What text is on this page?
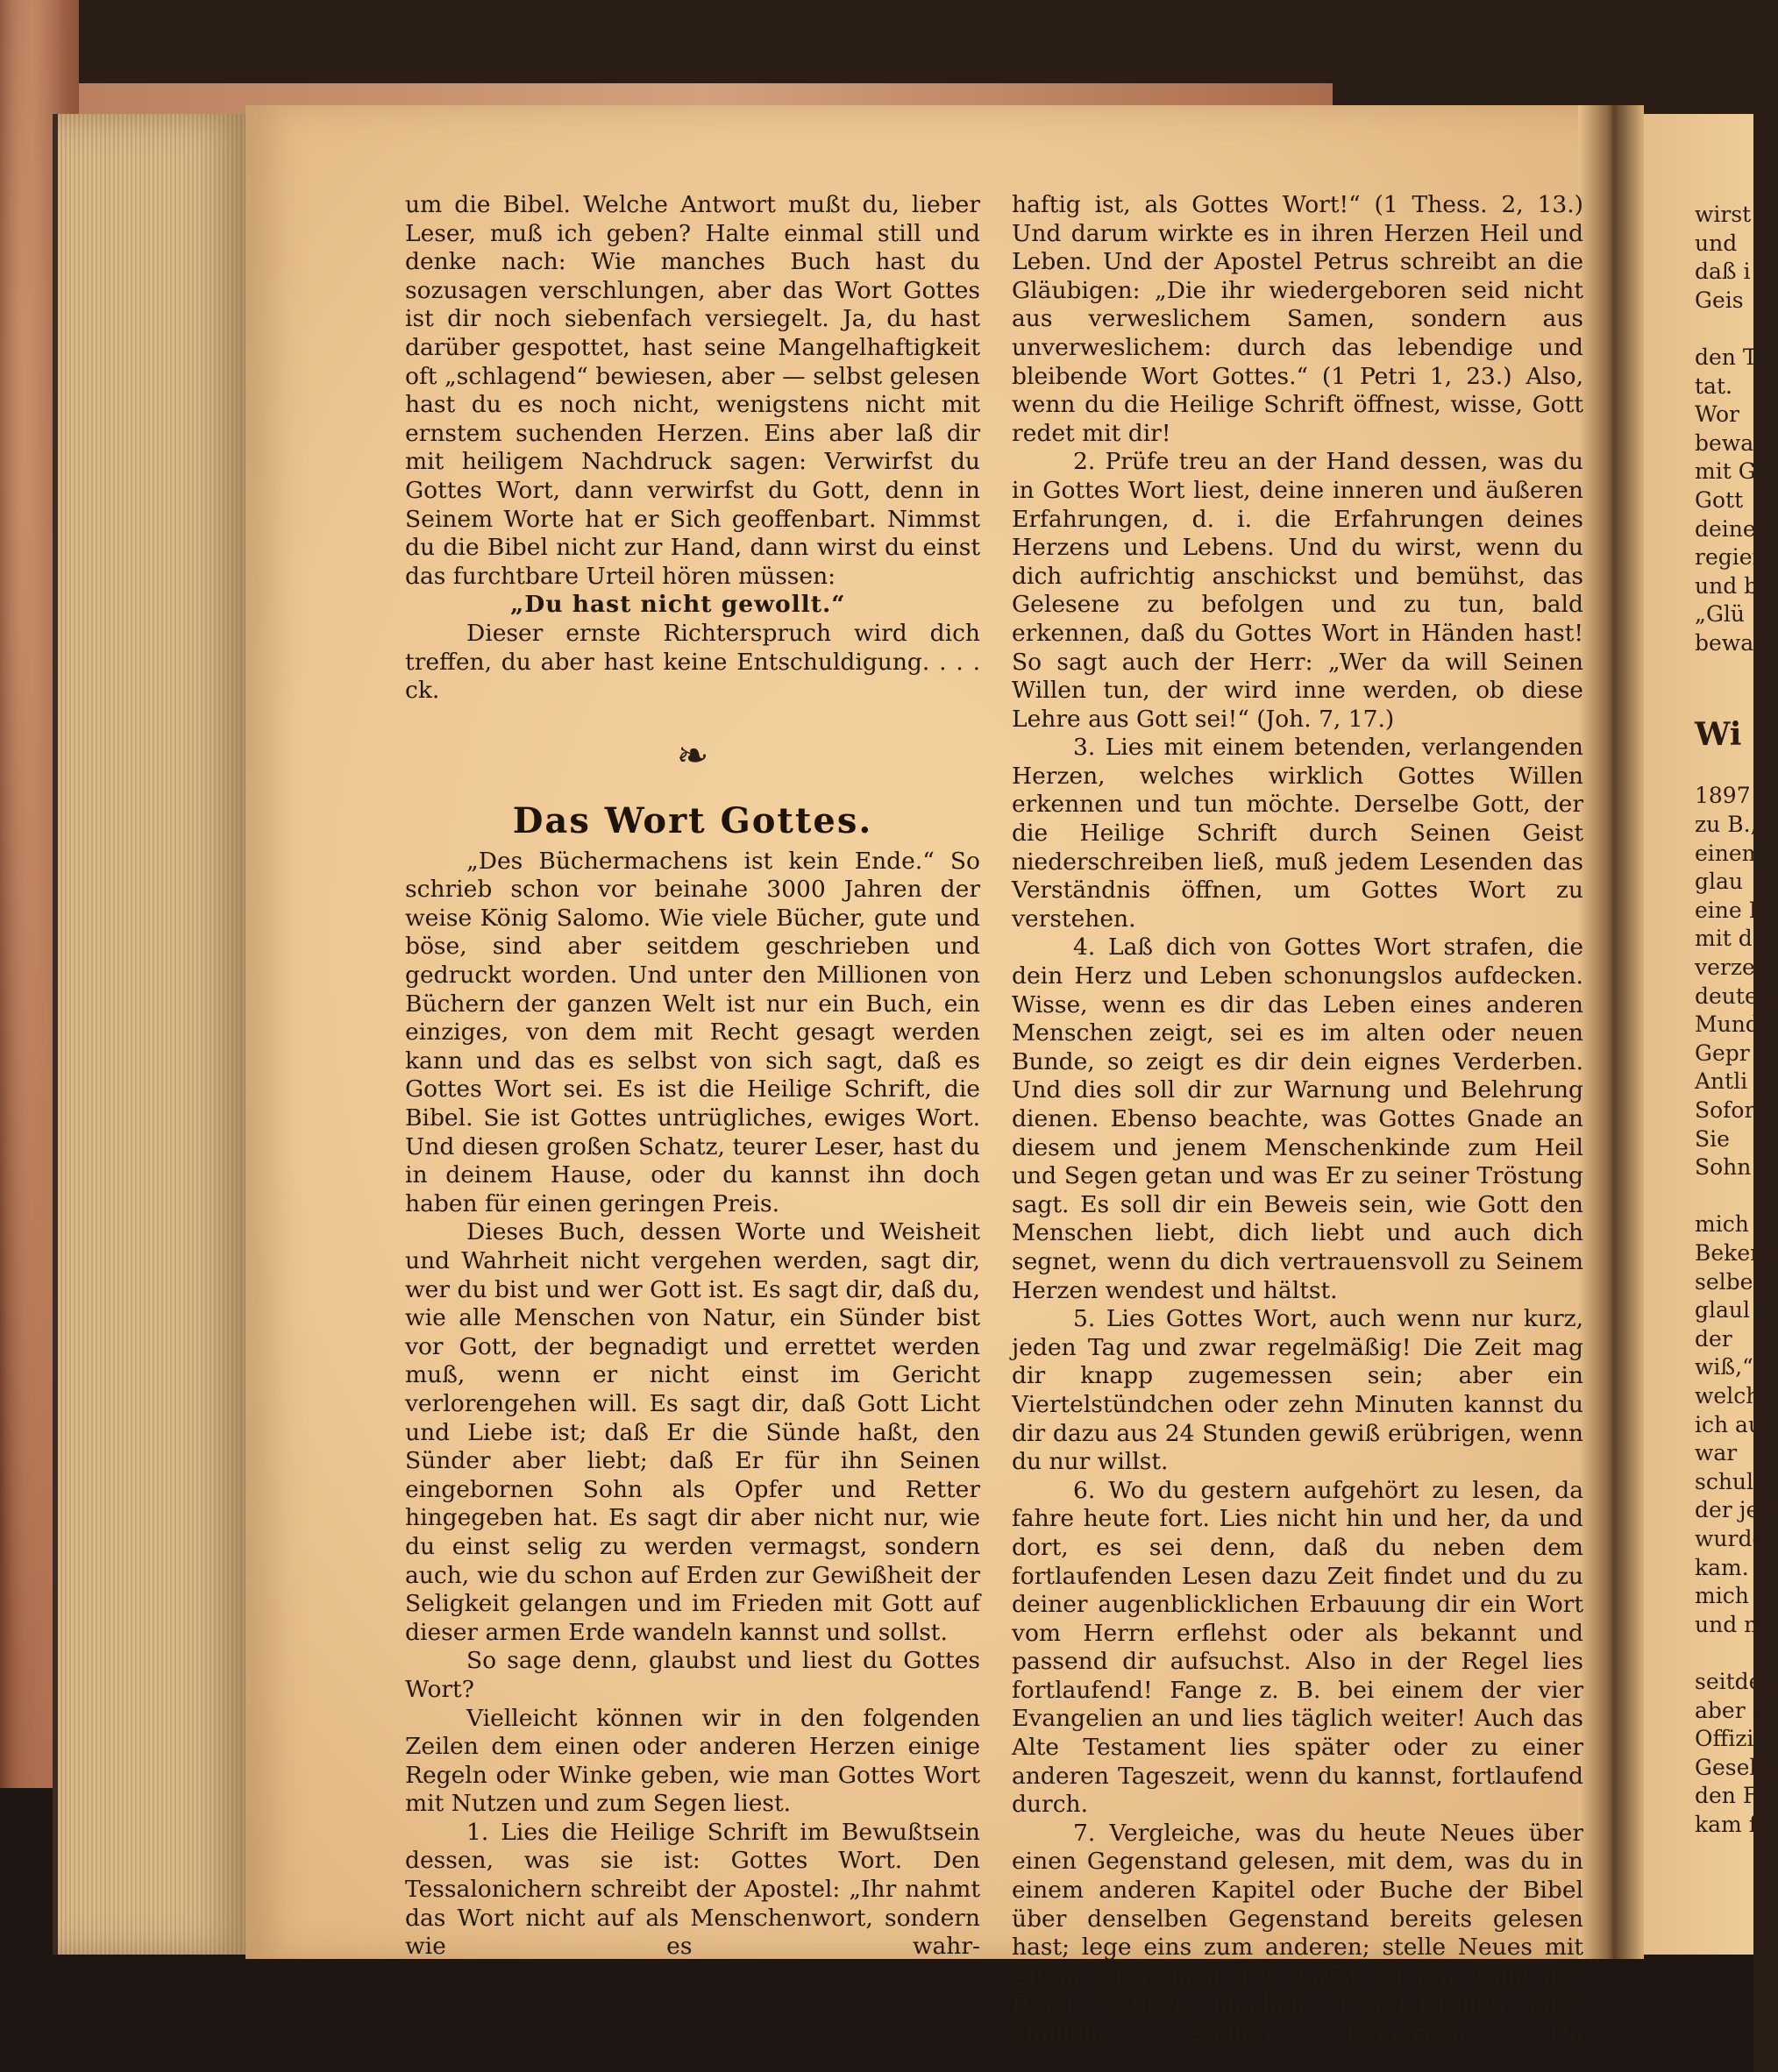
wirst

und

daß i

Geis

den T

tat.

Wor

bewah

mit G

Gott

deinen

regier

und b

„Glü

bewah

Wi

1897

zu B.,

einem

glau

eine E

mit d

verzeh

deuten

Mund

Gepr

Antli

Sofor

Sie

Sohn

mich z

Bekenn

selber

glaul

der

wiß,“

welch

ich au

war

schule

der jed

wurde,

kam.

mich

und m

seitden

aber a

Offizi

Gesells

den Fr

kam fo

um die Bibel. Welche Antwort mußt du, lieber Leser, muß ich geben? Halte einmal still und denke nach: Wie manches Buch hast du sozusagen verschlungen, aber das Wort Gottes ist dir noch siebenfach versiegelt. Ja, du hast darüber gespottet, hast seine Mangelhaftigkeit oft „schlagend“ bewiesen, aber — selbst gelesen hast du es noch nicht, wenigstens nicht mit ernstem suchenden Herzen. Eins aber laß dir mit heiligem Nachdruck sagen: Verwirfst du Gottes Wort, dann verwirfst du Gott, denn in Seinem Worte hat er Sich geoffenbart. Nimmst du die Bibel nicht zur Hand, dann wirst du einst das furchtbare Urteil hören müssen:

„Du hast nicht gewollt.“

Dieser ernste Richterspruch wird dich treffen, du aber hast keine Entschuldigung. . . . ck.

❧
Das Wort Gottes.

„Des Büchermachens ist kein Ende.“ So schrieb schon vor beinahe 3000 Jahren der weise König Salomo. Wie viele Bücher, gute und böse, sind aber seitdem geschrieben und gedruckt worden. Und unter den Millionen von Büchern der ganzen Welt ist nur ein Buch, ein einziges, von dem mit Recht gesagt werden kann und das es selbst von sich sagt, daß es Gottes Wort sei. Es ist die Heilige Schrift, die Bibel. Sie ist Gottes untrügliches, ewiges Wort. Und diesen großen Schatz, teurer Leser, hast du in deinem Hause, oder du kannst ihn doch haben für einen geringen Preis.

Dieses Buch, dessen Worte und Weisheit und Wahrheit nicht vergehen werden, sagt dir, wer du bist und wer Gott ist. Es sagt dir, daß du, wie alle Menschen von Natur, ein Sünder bist vor Gott, der begnadigt und errettet werden muß, wenn er nicht einst im Gericht verlorengehen will. Es sagt dir, daß Gott Licht und Liebe ist; daß Er die Sünde haßt, den Sünder aber liebt; daß Er für ihn Seinen eingebornen Sohn als Opfer und Retter hingegeben hat. Es sagt dir aber nicht nur, wie du einst selig zu werden vermagst, sondern auch, wie du schon auf Erden zur Gewißheit der Seligkeit gelangen und im Frieden mit Gott auf dieser armen Erde wandeln kannst und sollst.

So sage denn, glaubst und liest du Gottes Wort?

Vielleicht können wir in den folgenden Zeilen dem einen oder anderen Herzen einige Regeln oder Winke geben, wie man Gottes Wort mit Nutzen und zum Segen liest.

1. Lies die Heilige Schrift im Bewußtsein dessen, was sie ist: Gottes Wort. Den Tessalonichern schreibt der Apostel: „Ihr nahmt das Wort nicht auf als Menschenwort, sondern wie es wahr-

haftig ist, als Gottes Wort!“ (1 Thess. 2, 13.) Und darum wirkte es in ihren Herzen Heil und Leben. Und der Apostel Petrus schreibt an die Gläubigen: „Die ihr wiedergeboren seid nicht aus verweslichem Samen, sondern aus unverweslichem: durch das lebendige und bleibende Wort Gottes.“ (1 Petri 1, 23.) Also, wenn du die Heilige Schrift öffnest, wisse, Gott redet mit dir!

2. Prüfe treu an der Hand dessen, was du in Gottes Wort liest, deine inneren und äußeren Erfahrungen, d. i. die Erfahrungen deines Herzens und Lebens. Und du wirst, wenn du dich aufrichtig anschickst und bemühst, das Gelesene zu befolgen und zu tun, bald erkennen, daß du Gottes Wort in Händen hast! So sagt auch der Herr: „Wer da will Seinen Willen tun, der wird inne werden, ob diese Lehre aus Gott sei!“ (Joh. 7, 17.)

3. Lies mit einem betenden, verlangenden Herzen, welches wirklich Gottes Willen erkennen und tun möchte. Derselbe Gott, der die Heilige Schrift durch Seinen Geist niederschreiben ließ, muß jedem Lesenden das Verständnis öffnen, um Gottes Wort zu verstehen.

4. Laß dich von Gottes Wort strafen, die dein Herz und Leben schonungslos aufdecken. Wisse, wenn es dir das Leben eines anderen Menschen zeigt, sei es im alten oder neuen Bunde, so zeigt es dir dein eignes Verderben. Und dies soll dir zur Warnung und Belehrung dienen. Ebenso beachte, was Gottes Gnade an diesem und jenem Menschenkinde zum Heil und Segen getan und was Er zu seiner Tröstung sagt. Es soll dir ein Beweis sein, wie Gott den Menschen liebt, dich liebt und auch dich segnet, wenn du dich vertrauensvoll zu Seinem Herzen wendest und hältst.

5. Lies Gottes Wort, auch wenn nur kurz, jeden Tag und zwar regelmäßig! Die Zeit mag dir knapp zugemessen sein; aber ein Viertelstündchen oder zehn Minuten kannst du dir dazu aus 24 Stunden gewiß erübrigen, wenn du nur willst.

6. Wo du gestern aufgehört zu lesen, da fahre heute fort. Lies nicht hin und her, da und dort, es sei denn, daß du neben dem fortlaufenden Lesen dazu Zeit findet und du zu deiner augenblicklichen Erbauung dir ein Wort vom Herrn erflehst oder als bekannt und passend dir aufsuchst. Also in der Regel lies fortlaufend! Fange z. B. bei einem der vier Evangelien an und lies täglich weiter! Auch das Alte Testament lies später oder zu einer anderen Tageszeit, wenn du kannst, fortlaufend durch.

7. Vergleiche, was du heute Neues über einen Gegenstand gelesen, mit dem, was du in einem anderen Kapitel oder Buche der Bibel über denselben Gegenstand bereits gelesen hast; lege eins zum anderen; stelle Neues mit Altem zusammen. Du darfst dir am Rand der Bibel Notizen machen, Parallelstellen oder ähnliche Stellen bemerken. Du
